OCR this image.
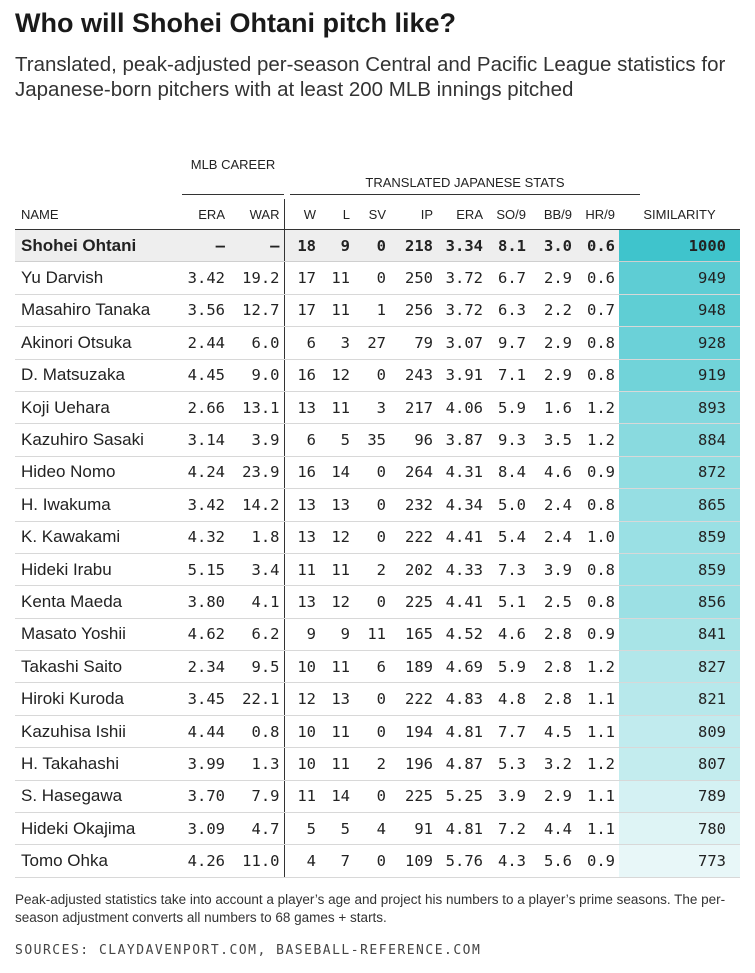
Who will Shohei Ohtani pitch like?
Translated, peak-adjusted per-season Central and Pacific League statistics for Japanese-born pitchers with at least 200 MLB innings pitched
MLB CAREER
TRANSLATED JAPANESE STATS
NAME	ERA	WAR	W	L	SV	IP	ERA	SO/9	BB/9	HR/9	SIMILARITY
Shohei Ohtani	–	–	18	9	0	218	3.34	8.1	3.0	0.6	1000
Yu Darvish	3.42	19.2	17	11	0	250	3.72	6.7	2.9	0.6	949
Masahiro Tanaka	3.56	12.7	17	11	1	256	3.72	6.3	2.2	0.7	948
Akinori Otsuka	2.44	6.0	6	3	27	79	3.07	9.7	2.9	0.8	928
D. Matsuzaka	4.45	9.0	16	12	0	243	3.91	7.1	2.9	0.8	919
Koji Uehara	2.66	13.1	13	11	3	217	4.06	5.9	1.6	1.2	893
Kazuhiro Sasaki	3.14	3.9	6	5	35	96	3.87	9.3	3.5	1.2	884
Hideo Nomo	4.24	23.9	16	14	0	264	4.31	8.4	4.6	0.9	872
H. Iwakuma	3.42	14.2	13	13	0	232	4.34	5.0	2.4	0.8	865
K. Kawakami	4.32	1.8	13	12	0	222	4.41	5.4	2.4	1.0	859
Hideki Irabu	5.15	3.4	11	11	2	202	4.33	7.3	3.9	0.8	859
Kenta Maeda	3.80	4.1	13	12	0	225	4.41	5.1	2.5	0.8	856
Masato Yoshii	4.62	6.2	9	9	11	165	4.52	4.6	2.8	0.9	841
Takashi Saito	2.34	9.5	10	11	6	189	4.69	5.9	2.8	1.2	827
Hiroki Kuroda	3.45	22.1	12	13	0	222	4.83	4.8	2.8	1.1	821
Kazuhisa Ishii	4.44	0.8	10	11	0	194	4.81	7.7	4.5	1.1	809
H. Takahashi	3.99	1.3	10	11	2	196	4.87	5.3	3.2	1.2	807
S. Hasegawa	3.70	7.9	11	14	0	225	5.25	3.9	2.9	1.1	789
Hideki Okajima	3.09	4.7	5	5	4	91	4.81	7.2	4.4	1.1	780
Tomo Ohka	4.26	11.0	4	7	0	109	5.76	4.3	5.6	0.9	773
Peak-adjusted statistics take into account a player’s age and project his numbers to a player’s prime seasons. The per-season adjustment converts all numbers to 68 games + starts.
SOURCES: CLAYDAVENPORT.COM, BASEBALL-REFERENCE.COM
